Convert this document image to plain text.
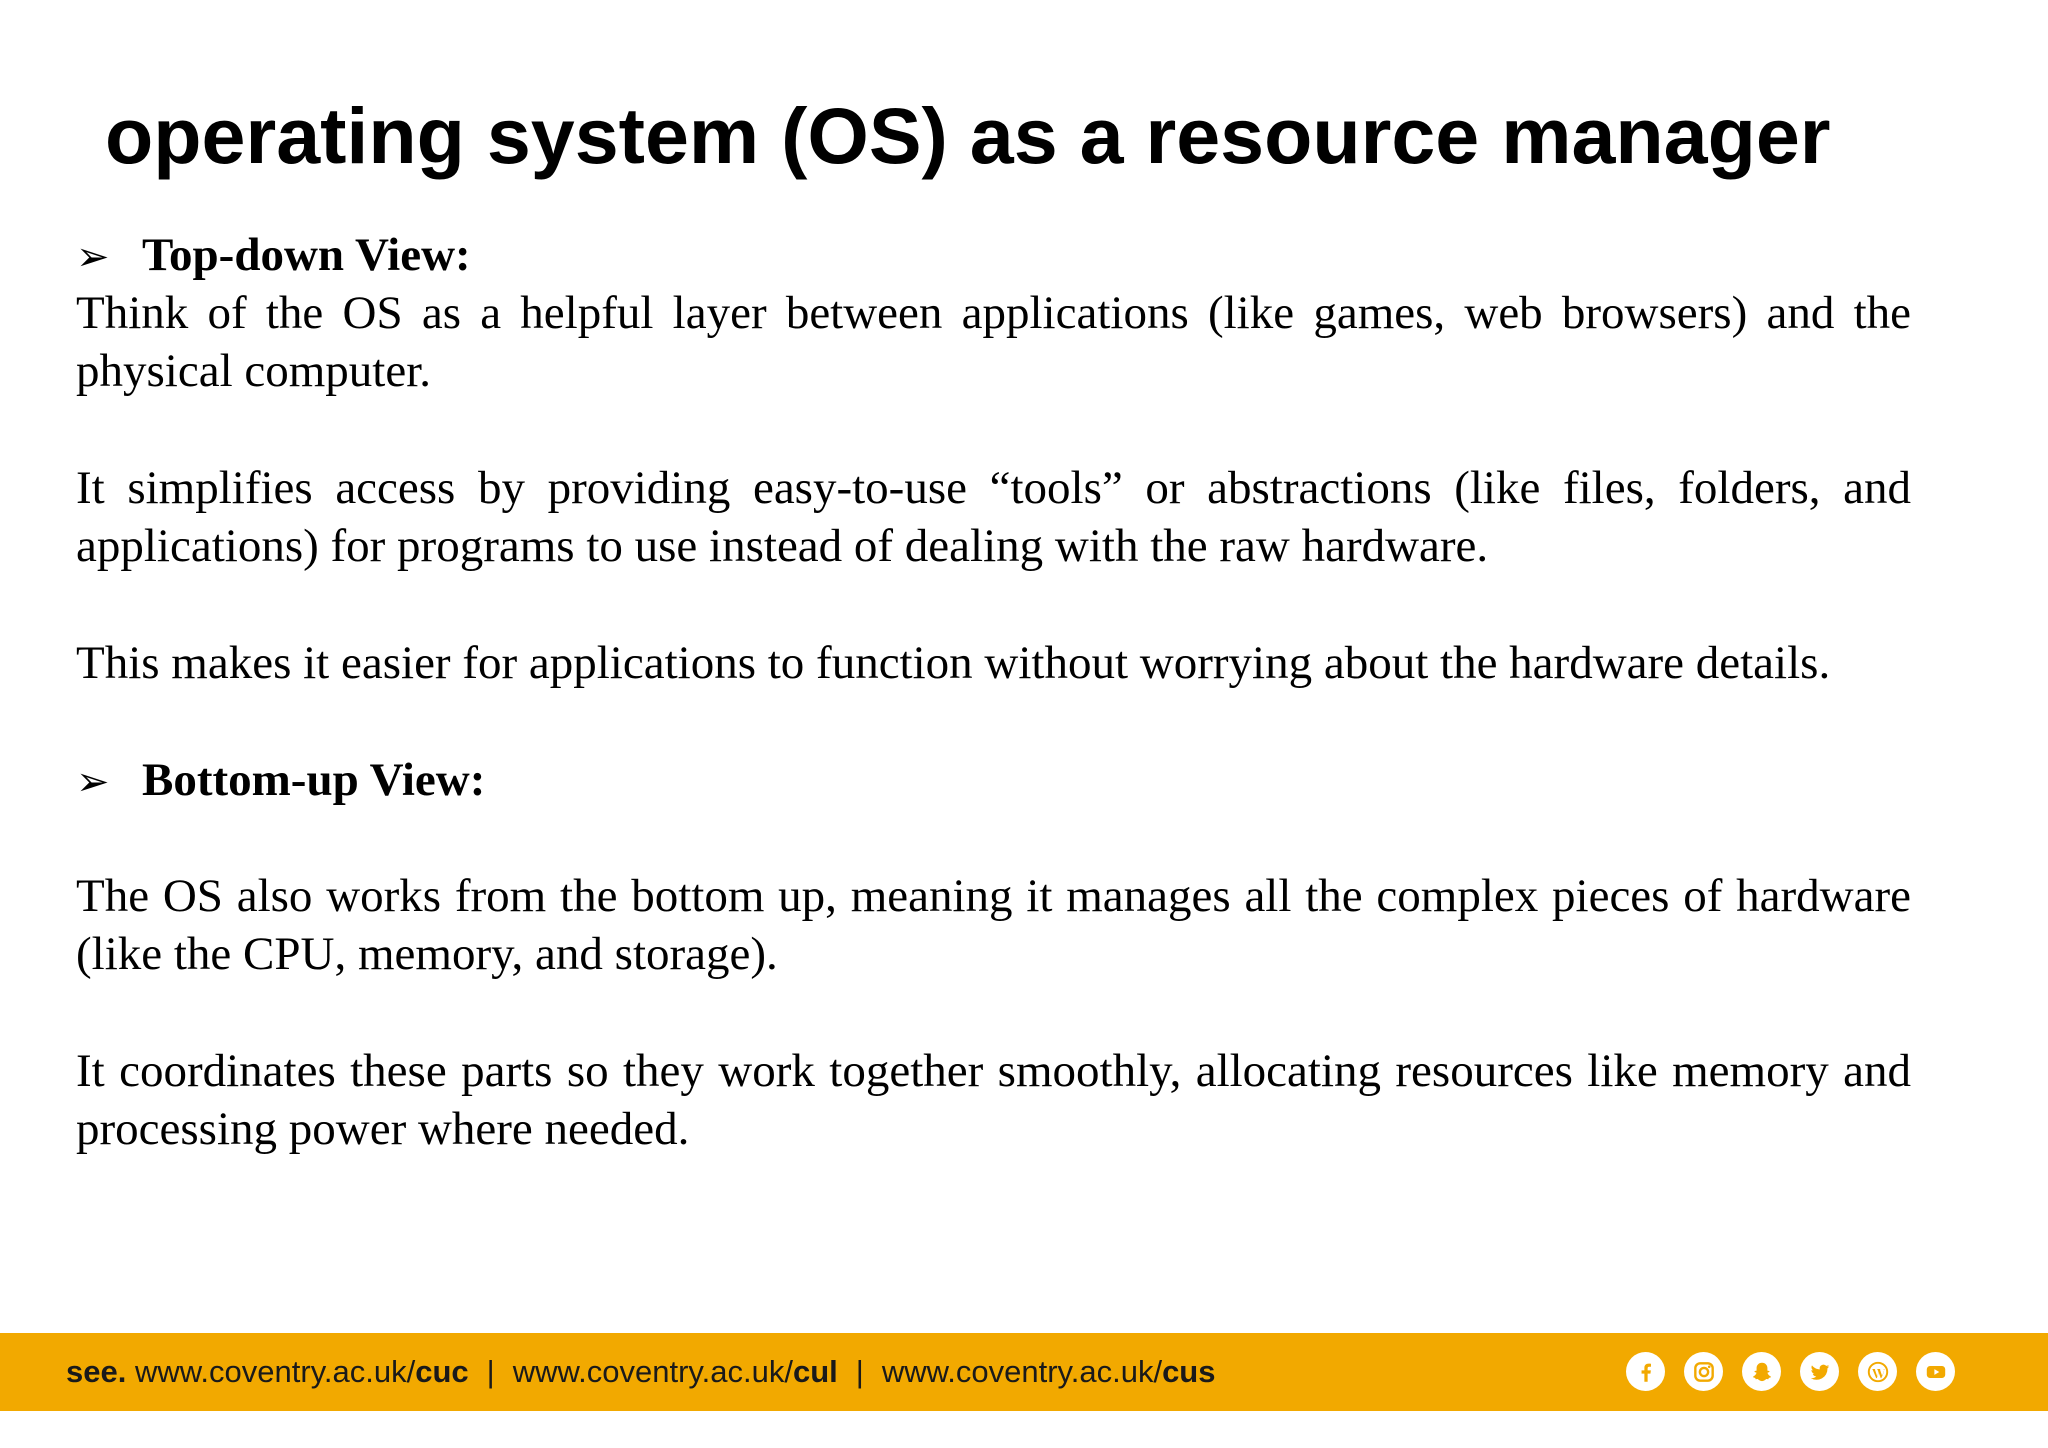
operating system (OS) as a resource manager
➢ Top-down View:

Think of the OS as a helpful layer between applications (like games, web browsers) and the physical computer.

It simplifies access by providing easy-to-use “tools” or abstractions (like files, folders, and applications) for programs to use instead of dealing with the raw hardware.

This makes it easier for applications to function without worrying about the hardware details.

➢ Bottom-up View:

The OS also works from the bottom up, meaning it manages all the complex pieces of hardware (like the CPU, memory, and storage).

It coordinates these parts so they work together smoothly, allocating resources like memory and processing power where needed.

see. www.coventry.ac.uk/cuc | www.coventry.ac.uk/cul | www.coventry.ac.uk/cus
